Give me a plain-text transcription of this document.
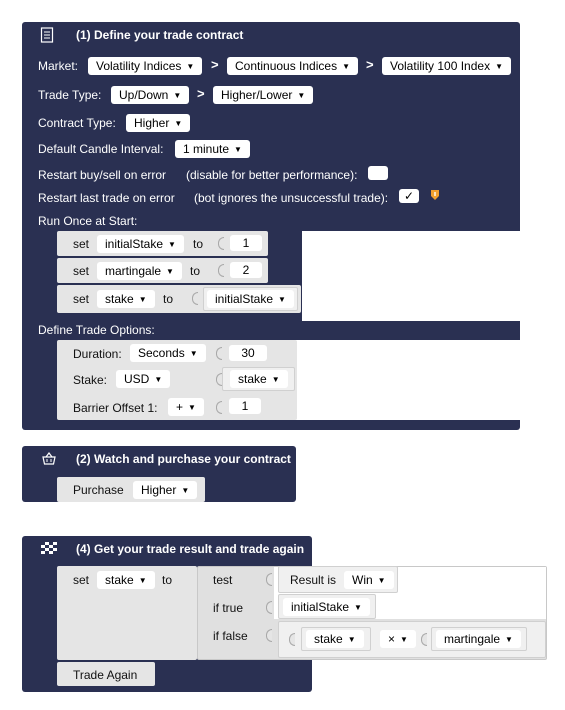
(1) Define your trade contract
Market:	Volatility Indices ▼	>	Continuous Indices ▼	>	Volatility 100 Index ▼
Trade Type:	Up/Down ▼	>	Higher/Lower ▼
Contract Type:	Higher ▼
Default Candle Interval:	1 minute ▼
Restart buy/sell on error (disable for better performance):
Restart last trade on error (bot ignores the unsuccessful trade):	✓
Run Once at Start:
set	initialStake ▼	to	1
set	martingale ▼	to	2
set	stake ▼	to	initialStake ▼
Define Trade Options:
Duration:	Seconds ▼	30
Stake:	USD ▼	stake ▼
Barrier Offset 1:	+ ▼	1
(2) Watch and purchase your contract
Purchase	Higher ▼
(4) Get your trade result and trade again
set	stake ▼	to	test	Result is	Win ▼
if true	initialStake ▼
if false	stake ▼	× ▼	martingale ▼
Trade Again
